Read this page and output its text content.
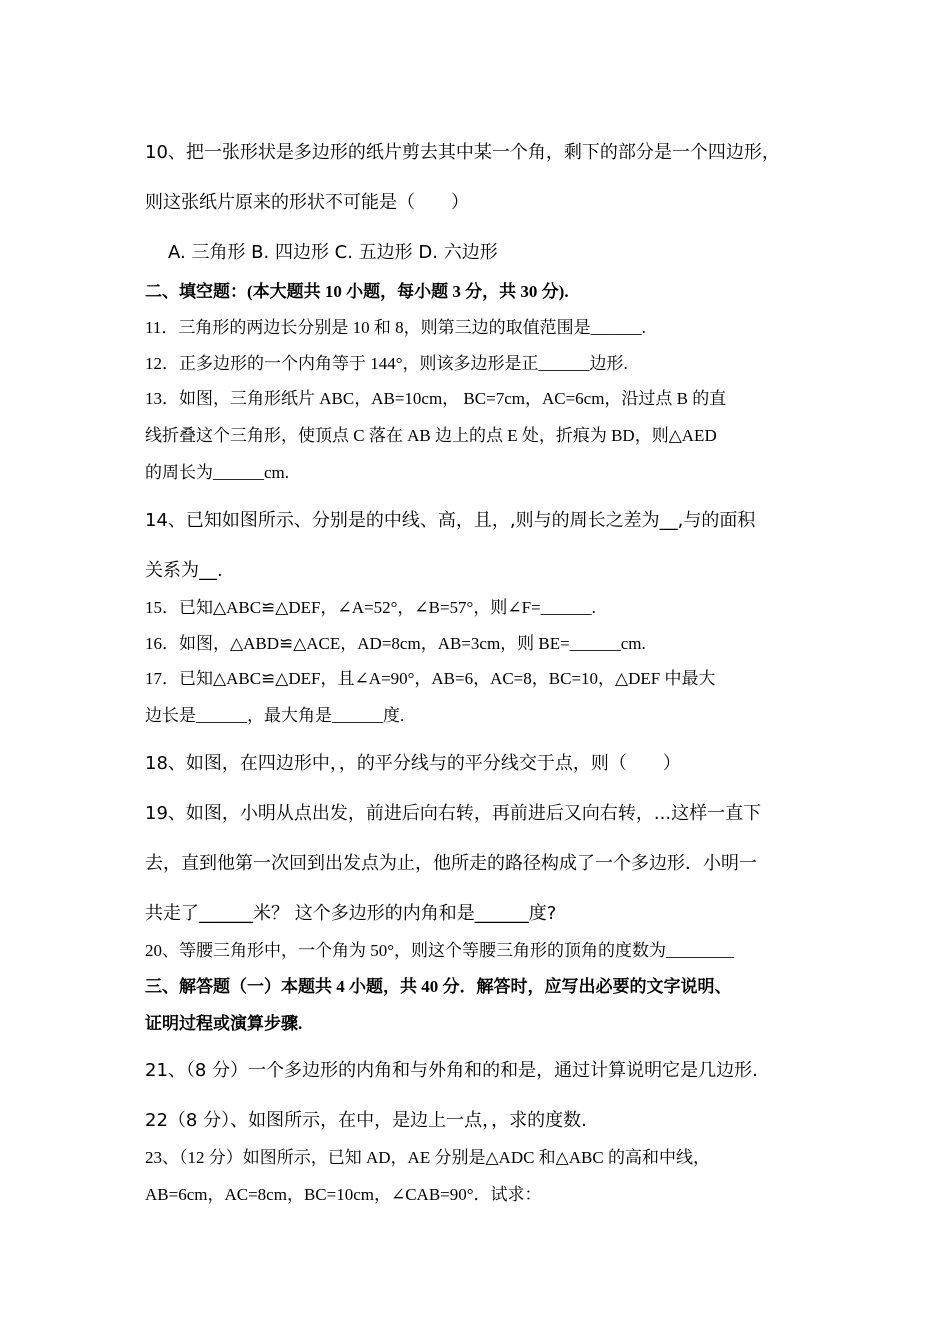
10、把一张形状是多边形的纸片剪去其中某一个角，剩下的部分是一个四边形，
则这张纸片原来的形状不可能是（　　）
A. 三角形 B. 四边形 C. 五边形 D. 六边形
二、填空题：(本大题共 10 小题，每小题 3 分，共 30 分).
11．三角形的两边长分别是 10 和 8，则第三边的取值范围是______.
12．正多边形的一个内角等于 144°，则该多边形是正______边形.
13．如图，三角形纸片 ABC，AB=10cm， BC=7cm，AC=6cm，沿过点 B 的直
线折叠这个三角形，使顶点 C 落在 AB 边上的点 E 处，折痕为 BD，则△AED
的周长为______cm.
14、已知如图所示、分别是的中线、高，且，,则与的周长之差为__,与的面积
关系为__.
15．已知△ABC≌△DEF，∠A=52°，∠B=57°，则∠F=______.
16．如图，△ABD≌△ACE，AD=8cm，AB=3cm，则 BE=______cm.
17．已知△ABC≌△DEF，且∠A=90°，AB=6，AC=8，BC=10，△DEF 中最大
边长是______，最大角是______度.
18、如图，在四边形中，，的平分线与的平分线交于点，则（　　）
19、如图，小明从点出发，前进后向右转，再前进后又向右转，...这样一直下
去，直到他第一次回到出发点为止，他所走的路径构成了一个多边形．小明一
共走了______米？ 这个多边形的内角和是______度?
20、等腰三角形中，一个角为 50°，则这个等腰三角形的顶角的度数为________
三、解答题（一）本题共 4 小题，共 40 分．解答时，应写出必要的文字说明、
证明过程或演算步骤.
21、（8 分）一个多边形的内角和与外角和的和是，通过计算说明它是几边形.
22（8 分）、如图所示，在中，是边上一点，，求的度数.
23、（12 分）如图所示，已知 AD，AE 分别是△ADC 和△ABC 的高和中线，
AB=6cm，AC=8cm，BC=10cm，∠CAB=90°．试求：
